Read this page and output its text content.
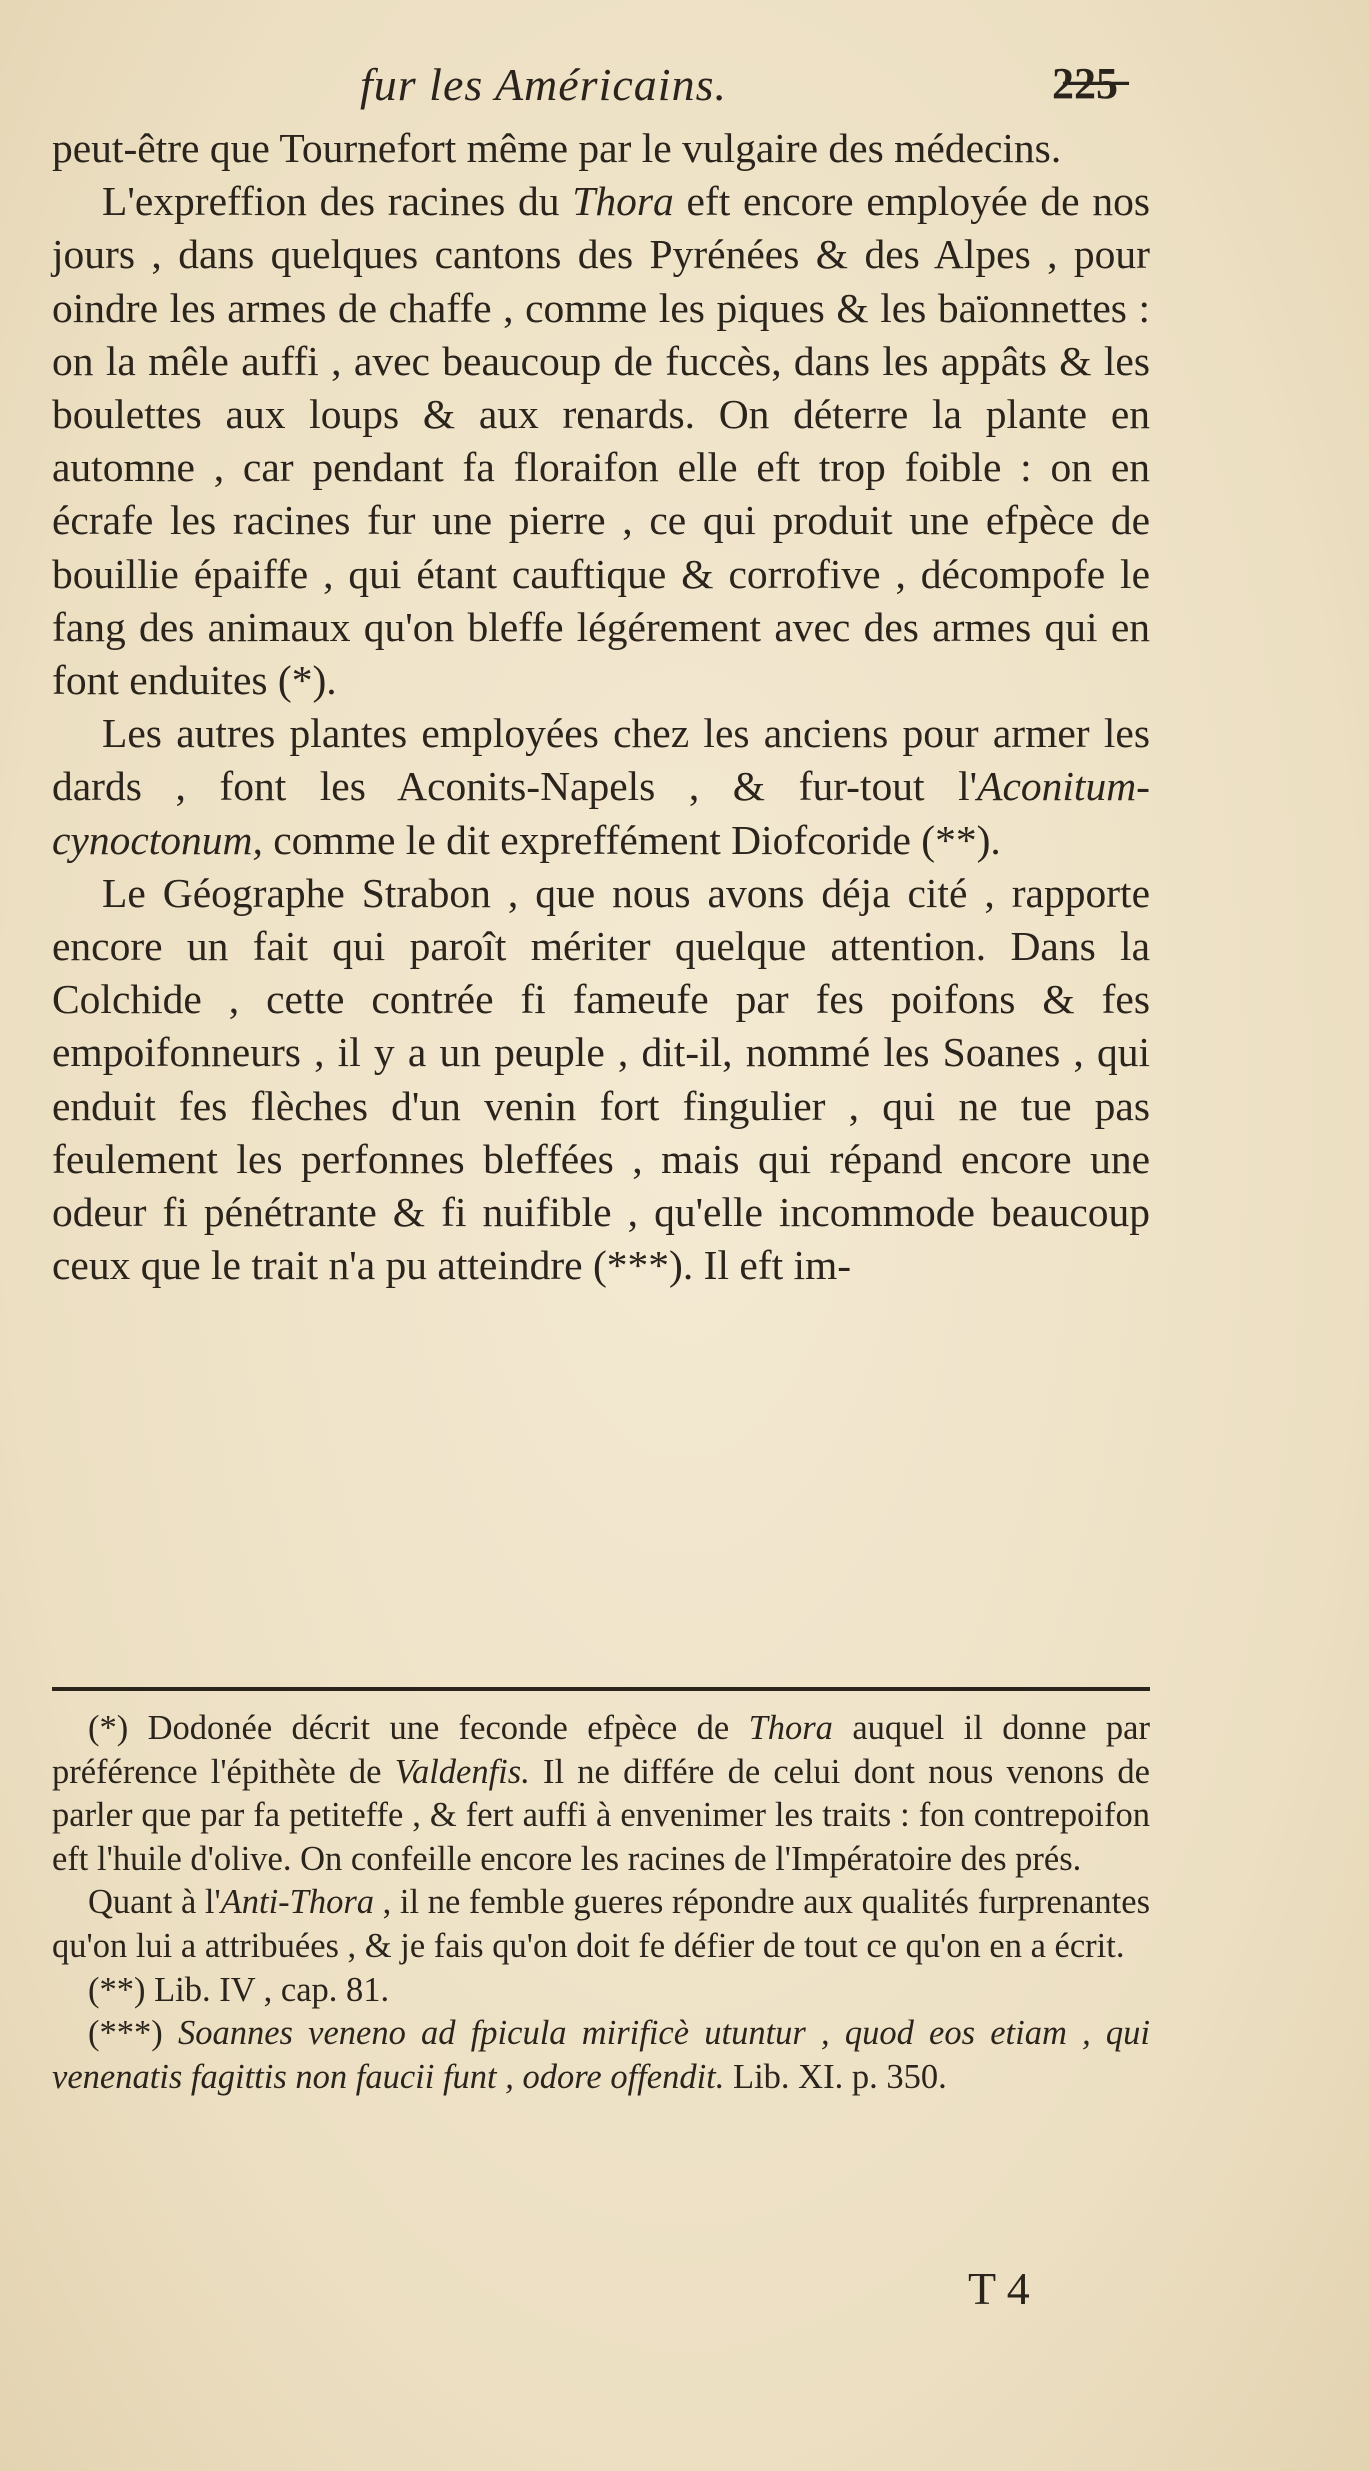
fur les Américains.	2̶2̶5̶

peut-être que Tournefort même par le vulgaire des médecins.

L'expreffion des racines du Thora eft encore employée de nos jours , dans quelques cantons des Pyrénées & des Alpes , pour oindre les armes de chaffe , comme les piques & les baïonnettes : on la mêle auffi , avec beaucoup de fuccès, dans les appâts & les boulettes aux loups & aux renards. On déterre la plante en automne , car pendant fa floraifon elle eft trop foible : on en écrafe les racines fur une pierre , ce qui produit une efpèce de bouillie épaiffe , qui étant cauftique & corrofive , décompofe le fang des animaux qu'on bleffe légérement avec des armes qui en font enduites (*).

Les autres plantes employées chez les anciens pour armer les dards , font les Aconits-Napels , & fur-tout l'Aconitum-cynoctonum, comme le dit expreffément Diofcoride (**).

Le Géographe Strabon , que nous avons déja cité , rapporte encore un fait qui paroît mériter quelque attention. Dans la Colchide , cette contrée fi fameufe par fes poifons & fes empoifonneurs , il y a un peuple , dit-il, nommé les Soanes , qui enduit fes flèches d'un venin fort fingulier , qui ne tue pas feulement les perfonnes bleffées , mais qui répand encore une odeur fi pénétrante & fi nuifible , qu'elle incommode beaucoup ceux que le trait n'a pu atteindre (***). Il eft im-

(*) Dodonée décrit une feconde efpèce de Thora auquel il donne par préférence l'épithète de Valdenfis. Il ne différe de celui dont nous venons de parler que par fa petiteffe , & fert auffi à envenimer les traits : fon contrepoifon eft l'huile d'olive. On confeille encore les racines de l'Impératoire des prés.

Quant à l'Anti-Thora , il ne femble gueres répondre aux qualités furprenantes qu'on lui a attribuées , & je fais qu'on doit fe défier de tout ce qu'on en a écrit.

(**) Lib. IV , cap. 81.

(***) Soannes veneno ad fpicula mirificè utuntur , quod eos etiam , qui venenatis fagittis non faucii funt , odore offendit. Lib. XI. p. 350.

T 4
